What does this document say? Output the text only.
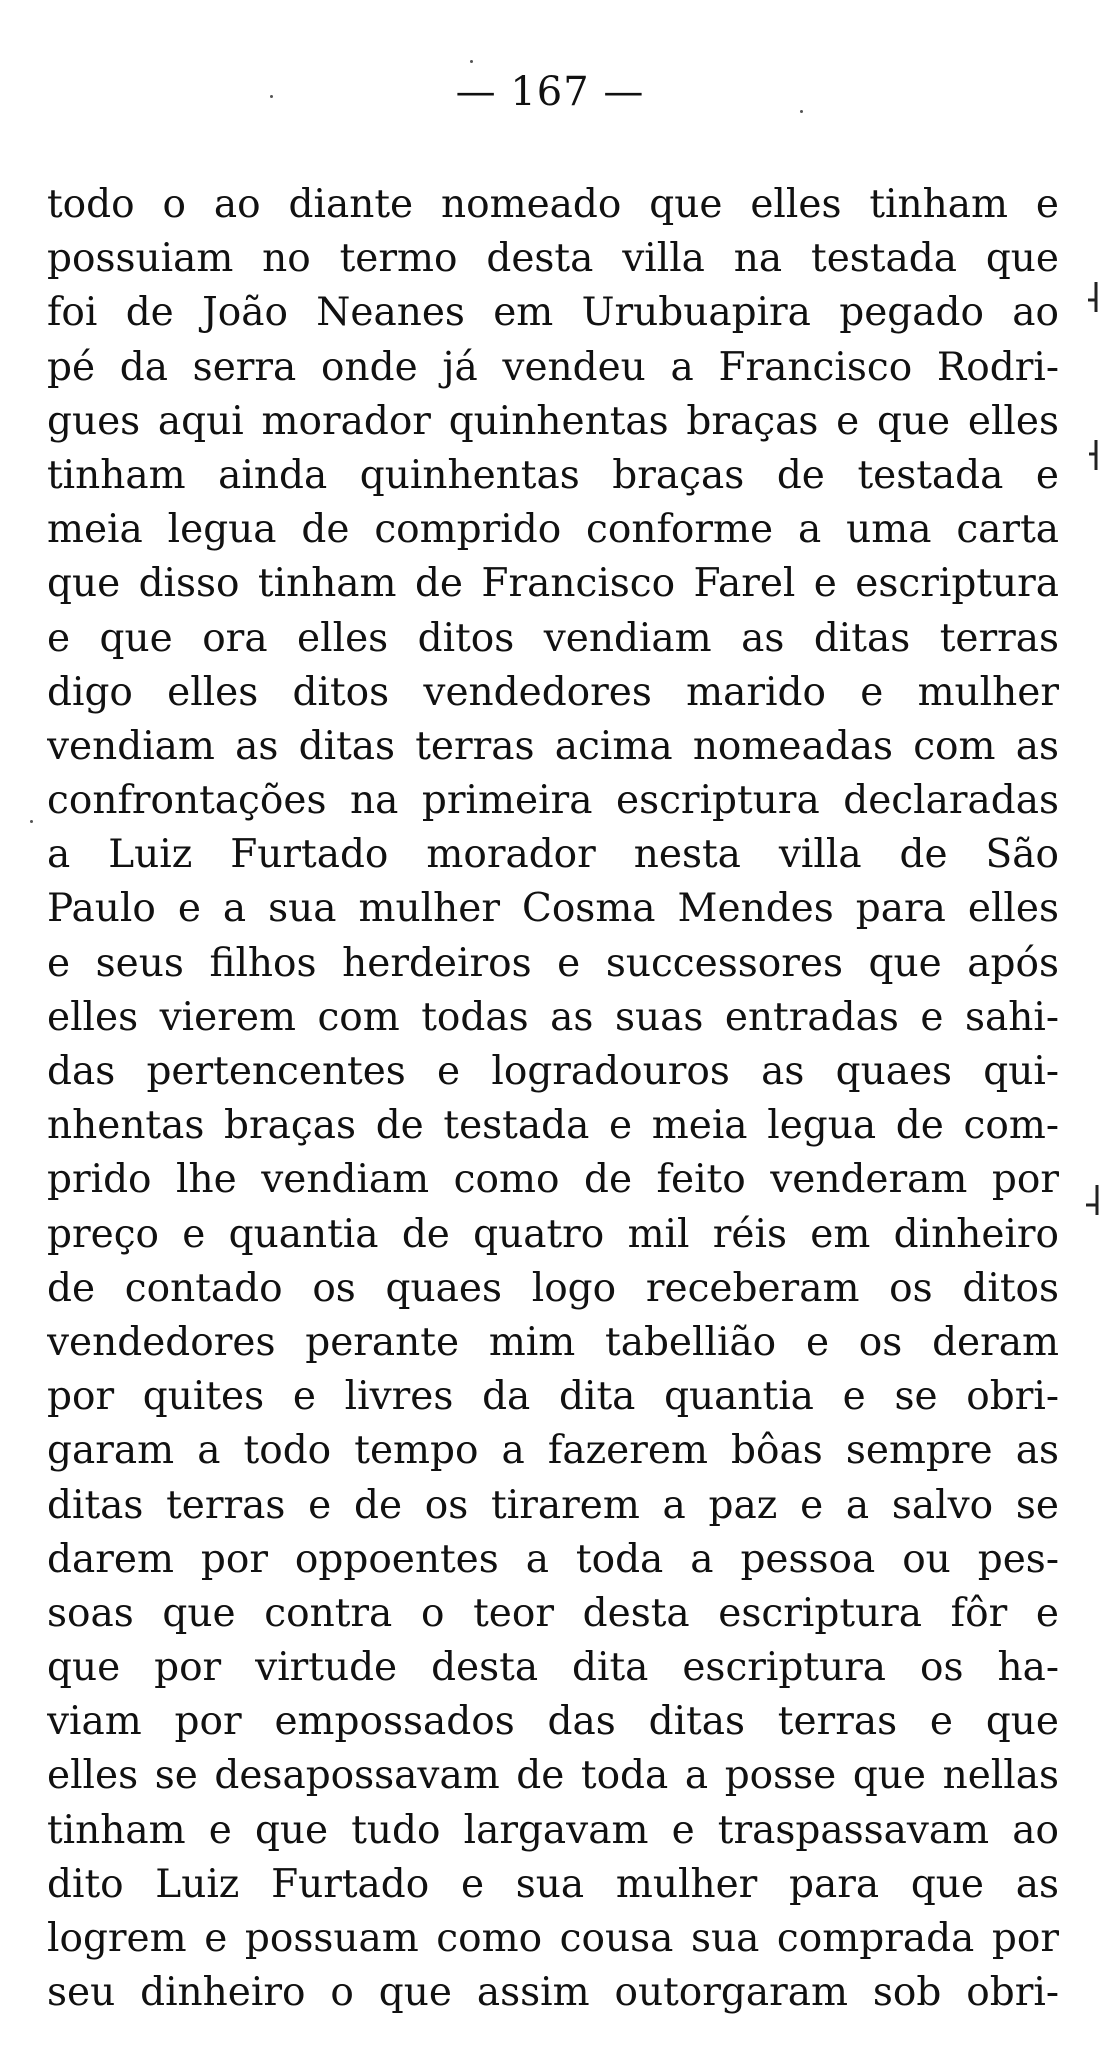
— 167 —
todo o ao diante nomeado que elles tinham e
possuiam no termo desta villa na testada que
foi de João Neanes em Urubuapira pegado ao
pé da serra onde já vendeu a Francisco Rodri-
gues aqui morador quinhentas braças e que elles
tinham ainda quinhentas braças de testada e
meia legua de comprido conforme a uma carta
que disso tinham de Francisco Farel e escriptura
e que ora elles ditos vendiam as ditas terras
digo elles ditos vendedores marido e mulher
vendiam as ditas terras acima nomeadas com as
confrontações na primeira escriptura declaradas
a Luiz Furtado morador nesta villa de São
Paulo e a sua mulher Cosma Mendes para elles
e seus filhos herdeiros e successores que após
elles vierem com todas as suas entradas e sahi-
das pertencentes e logradouros as quaes qui-
nhentas braças de testada e meia legua de com-
prido lhe vendiam como de feito venderam por
preço e quantia de quatro mil réis em dinheiro
de contado os quaes logo receberam os ditos
vendedores perante mim tabellião e os deram
por quites e livres da dita quantia e se obri-
garam a todo tempo a fazerem bôas sempre as
ditas terras e de os tirarem a paz e a salvo se
darem por oppoentes a toda a pessoa ou pes-
soas que contra o teor desta escriptura fôr e
que por virtude desta dita escriptura os ha-
viam por empossados das ditas terras e que
elles se desapossavam de toda a posse que nellas
tinham e que tudo largavam e traspassavam ao
dito Luiz Furtado e sua mulher para que as
logrem e possuam como cousa sua comprada por
seu dinheiro o que assim outorgaram sob obri-
